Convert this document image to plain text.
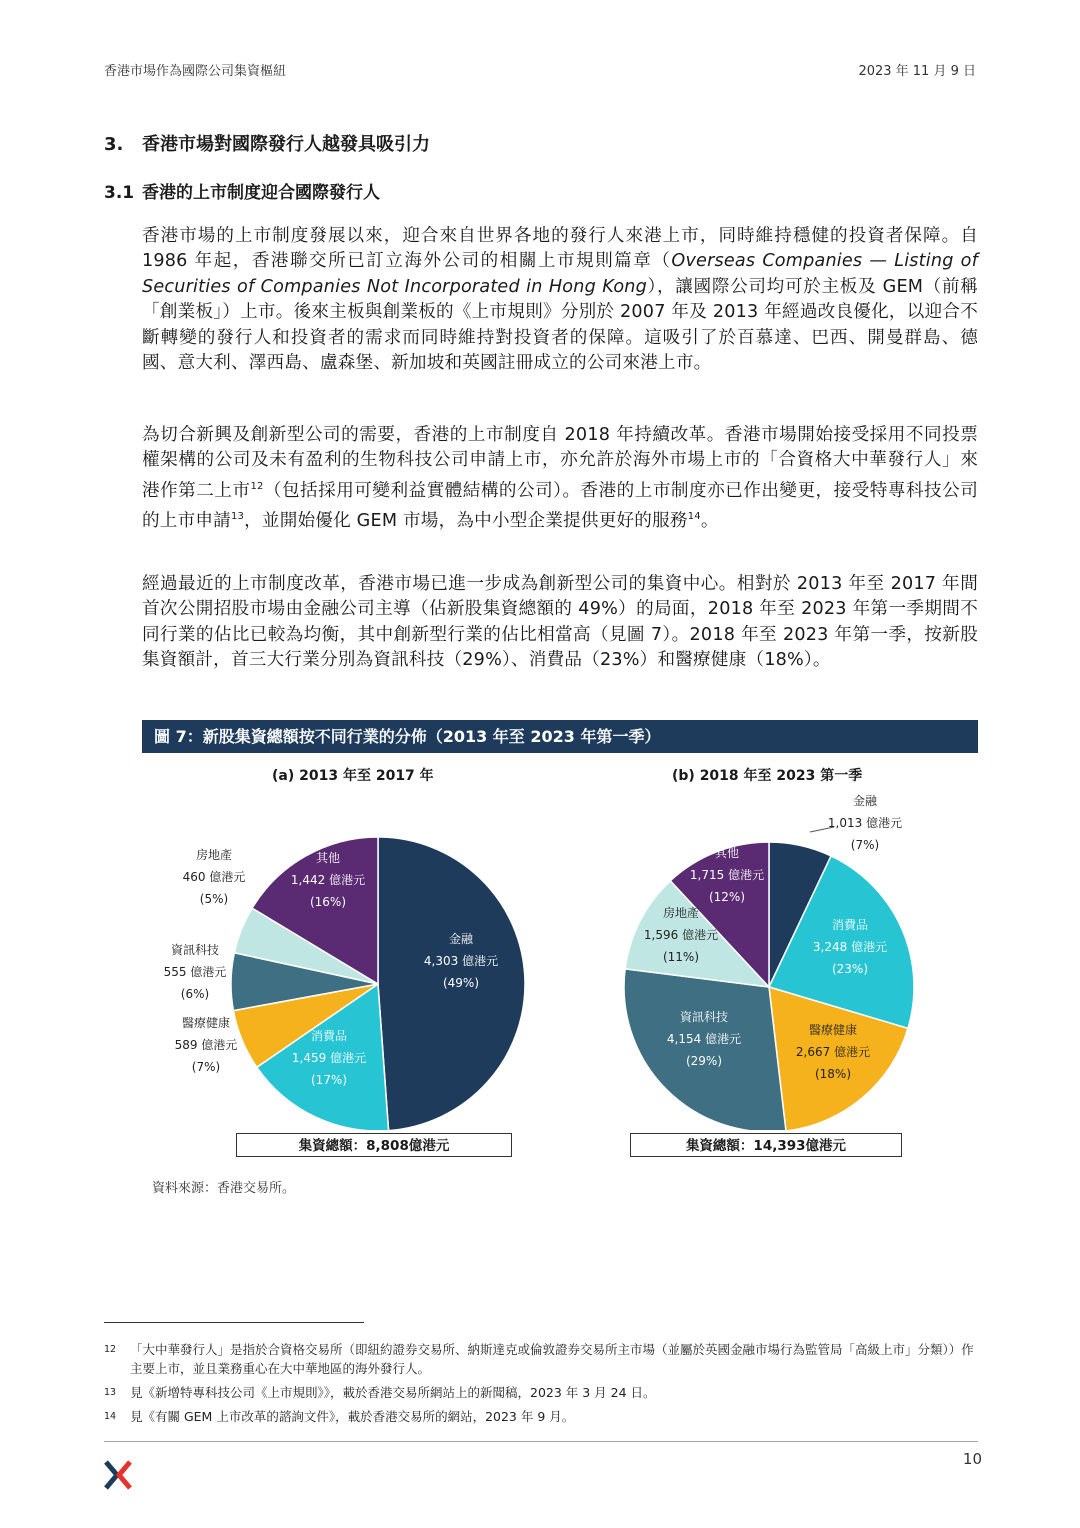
香港市場作為國際公司集資樞紐	2023 年 11 月 9 日
3. 香港市場對國際發行人越發具吸引力
3.1 香港的上市制度迎合國際發行人
香港市場的上市制度發展以來，迎合來自世界各地的發行人來港上市，同時維持穩健的投資者保障。自 1986 年起，香港聯交所已訂立海外公司的相關上市規則篇章（Overseas Companies — Listing of Securities of Companies Not Incorporated in Hong Kong），讓國際公司均可於主板及 GEM（前稱「創業板」）上市。後來主板與創業板的《上市規則》分別於 2007 年及 2013 年經過改良優化，以迎合不斷轉變的發行人和投資者的需求而同時維持對投資者的保障。這吸引了於百慕達、巴西、開曼群島、德國、意大利、澤西島、盧森堡、新加坡和英國註冊成立的公司來港上市。
為切合新興及創新型公司的需要，香港的上市制度自 2018 年持續改革。香港市場開始接受採用不同投票權架構的公司及未有盈利的生物科技公司申請上市，亦允許於海外市場上市的「合資格大中華發行人」來港作第二上市$^{12}$（包括採用可變利益實體結構的公司）。香港的上市制度亦已作出變更，接受特專科技公司的上市申請$^{13}$，並開始優化 GEM 市場，為中小型企業提供更好的服務$^{14}$。
經過最近的上市制度改革，香港市場已進一步成為創新型公司的集資中心。相對於 2013 年至 2017 年間首次公開招股市場由金融公司主導（佔新股集資總額的 49%）的局面，2018 年至 2023 年第一季期間不同行業的佔比已較為均衡，其中創新型行業的佔比相當高（見圖 7）。2018 年至 2023 年第一季，按新股集資額計，首三大行業分別為資訊科技（29%）、消費品（23%）和醫療健康（18%）。
圖 7：新股集資總額按不同行業的分佈（2013 年至 2023 年第一季）
(a) 2013 年至 2017 年	(b) 2018 年至 2023 第一季
金融 4,303 億港元(49%)
消費品 1,459 億港元(17%)
醫療健康 589 億港元(7%)
資訊科技 555 億港元(6%)
房地產 460 億港元(5%)
其他 1,442 億港元(16%)
金融 1,013 億港元(7%)
消費品 3,248 億港元(23%)
醫療健康 2,667 億港元(18%)
資訊科技 4,154 億港元(29%)
房地產 1,596 億港元(11%)
其他 1,715 億港元(12%)
集資總額：8,808億港元	集資總額：14,393億港元
資料來源：香港交易所。
12 「大中華發行人」是指於合資格交易所（即紐約證券交易所、納斯達克或倫敦證券交易所主市場（並屬於英國金融市場行為監管局「高級上市」分類））作主要上市，並且業務重心在大中華地區的海外發行人。
13 見《新增特專科技公司《上市規則》》，載於香港交易所網站上的新聞稿，2023 年 3 月 24 日。
14 見《有關 GEM 上市改革的諮詢文件》，載於香港交易所的網站，2023 年 9 月。
10
